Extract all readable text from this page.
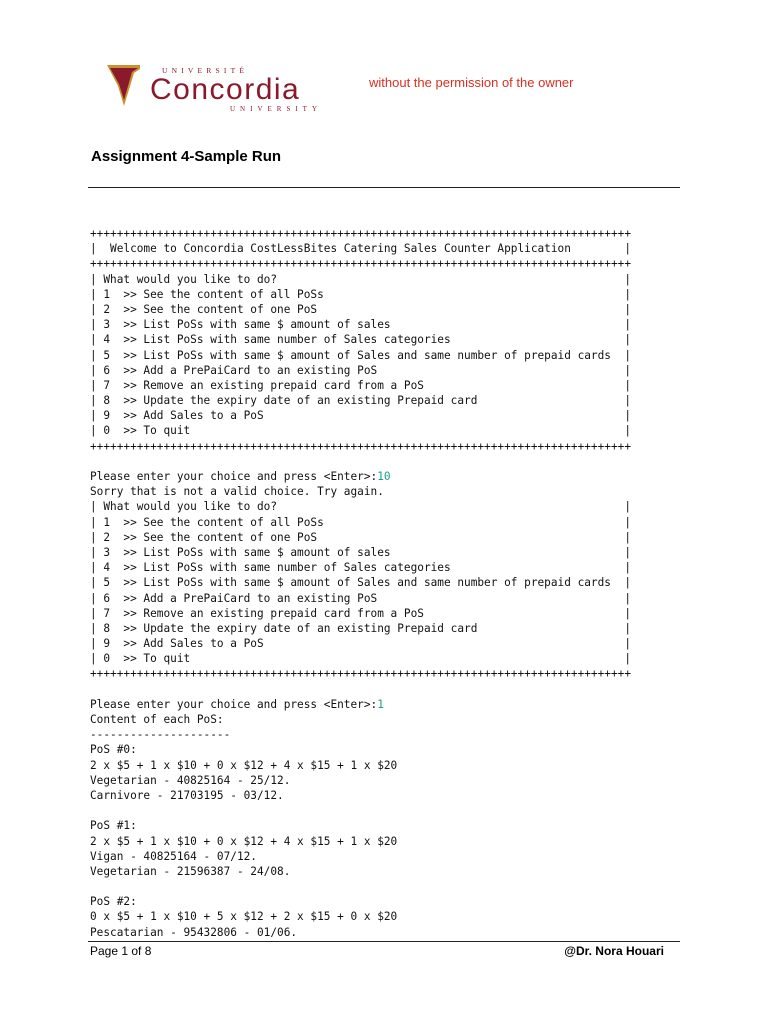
UNIVERSITÉ
Concordia
UNIVERSITY
without the permission of the owner
Assignment 4-Sample Run
+++++++++++++++++++++++++++++++++++++++++++++++++++++++++++++++++++++++++++++++++
|  Welcome to Concordia CostLessBites Catering Sales Counter Application        |
+++++++++++++++++++++++++++++++++++++++++++++++++++++++++++++++++++++++++++++++++
| What would you like to do?                                                    |
| 1  >> See the content of all PoSs                                             |
| 2  >> See the content of one PoS                                              |
| 3  >> List PoSs with same $ amount of sales                                   |
| 4  >> List PoSs with same number of Sales categories                          |
| 5  >> List PoSs with same $ amount of Sales and same number of prepaid cards  |
| 6  >> Add a PrePaiCard to an existing PoS                                     |
| 7  >> Remove an existing prepaid card from a PoS                              |
| 8  >> Update the expiry date of an existing Prepaid card                      |
| 9  >> Add Sales to a PoS                                                      |
| 0  >> To quit                                                                 |
+++++++++++++++++++++++++++++++++++++++++++++++++++++++++++++++++++++++++++++++++
Please enter your choice and press <Enter>:10
Sorry that is not a valid choice. Try again.
| What would you like to do?                                                    |
| 1  >> See the content of all PoSs                                             |
| 2  >> See the content of one PoS                                              |
| 3  >> List PoSs with same $ amount of sales                                   |
| 4  >> List PoSs with same number of Sales categories                          |
| 5  >> List PoSs with same $ amount of Sales and same number of prepaid cards  |
| 6  >> Add a PrePaiCard to an existing PoS                                     |
| 7  >> Remove an existing prepaid card from a PoS                              |
| 8  >> Update the expiry date of an existing Prepaid card                      |
| 9  >> Add Sales to a PoS                                                      |
| 0  >> To quit                                                                 |
+++++++++++++++++++++++++++++++++++++++++++++++++++++++++++++++++++++++++++++++++
Please enter your choice and press <Enter>:1
Content of each PoS:
---------------------
PoS #0:
2 x $5 + 1 x $10 + 0 x $12 + 4 x $15 + 1 x $20
Vegetarian - 40825164 - 25/12.
Carnivore - 21703195 - 03/12.
PoS #1:
2 x $5 + 1 x $10 + 0 x $12 + 4 x $15 + 1 x $20
Vigan - 40825164 - 07/12.
Vegetarian - 21596387 - 24/08.
PoS #2:
0 x $5 + 1 x $10 + 5 x $12 + 2 x $15 + 0 x $20
Pescatarian - 95432806 - 01/06.
Page 1 of 8	@Dr. Nora Houari
